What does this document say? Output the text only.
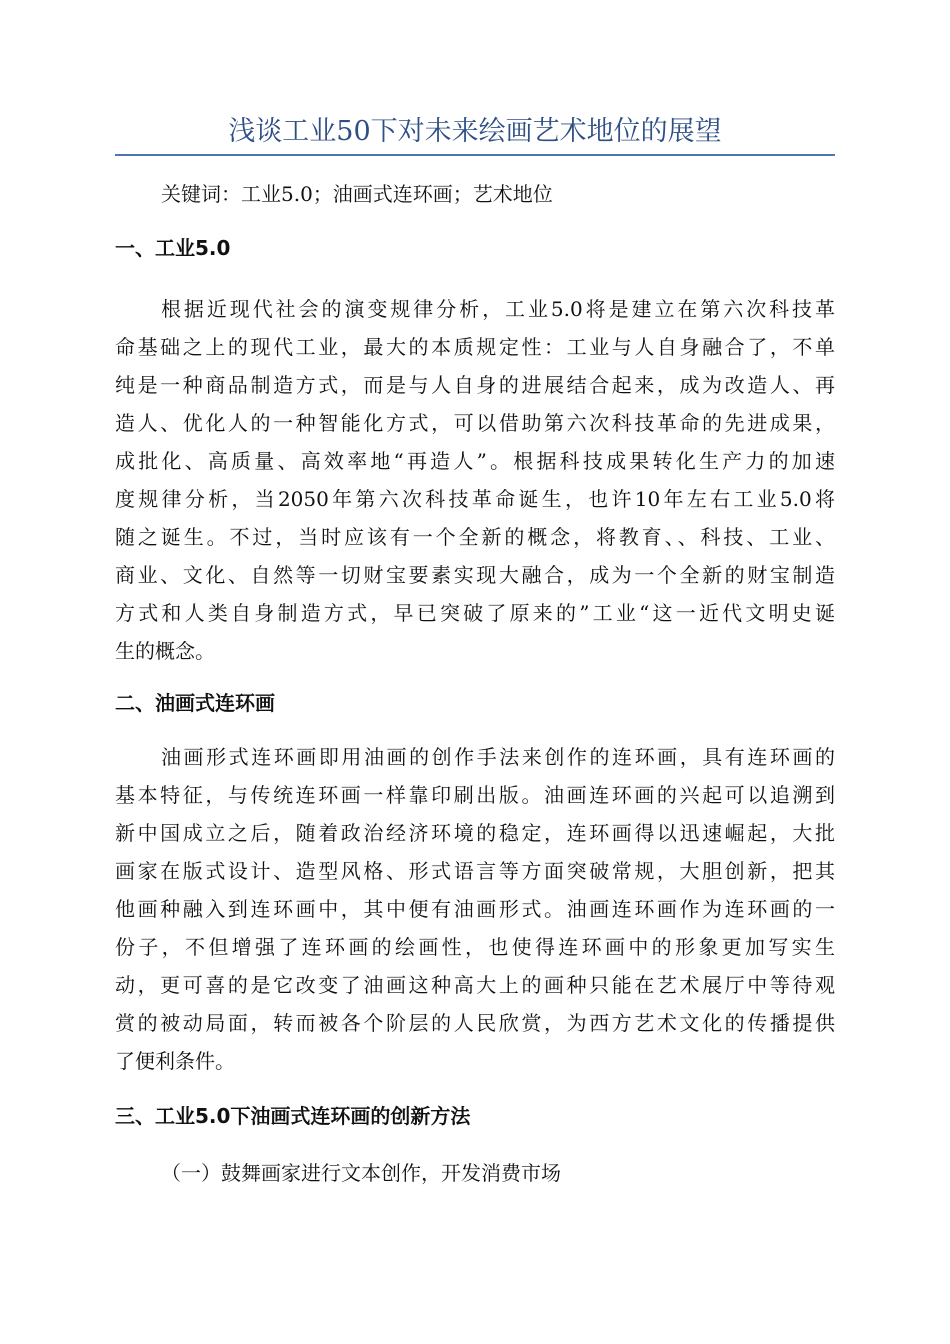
浅谈工业50下对未来绘画艺术地位的展望
关键词：工业5.0；油画式连环画；艺术地位
一、工业5.0
根据近现代社会的演变规律分析，工业5.0将是建立在第六次科技革
命基础之上的现代工业，最大的本质规定性：工业与人自身融合了，不单
纯是一种商品制造方式，而是与人自身的进展结合起来，成为改造人、再
造人、优化人的一种智能化方式，可以借助第六次科技革命的先进成果，
成批化、高质量、高效率地“再造人”。根据科技成果转化生产力的加速
度规律分析，当2050年第六次科技革命诞生，也许10年左右工业5.0将
随之诞生。不过，当时应该有一个全新的概念，将教育、、科技、工业、
商业、文化、自然等一切财宝要素实现大融合，成为一个全新的财宝制造
方式和人类自身制造方式，早已突破了原来的”工业“这一近代文明史诞
生的概念。
二、油画式连环画
油画形式连环画即用油画的创作手法来创作的连环画，具有连环画的
基本特征，与传统连环画一样靠印刷出版。油画连环画的兴起可以追溯到
新中国成立之后，随着政治经济环境的稳定，连环画得以迅速崛起，大批
画家在版式设计、造型风格、形式语言等方面突破常规，大胆创新，把其
他画种融入到连环画中，其中便有油画形式。油画连环画作为连环画的一
份子，不但增强了连环画的绘画性，也使得连环画中的形象更加写实生
动，更可喜的是它改变了油画这种高大上的画种只能在艺术展厅中等待观
赏的被动局面，转而被各个阶层的人民欣赏，为西方艺术文化的传播提供
了便利条件。
三、工业5.0下油画式连环画的创新方法
（一）鼓舞画家进行文本创作，开发消费市场
